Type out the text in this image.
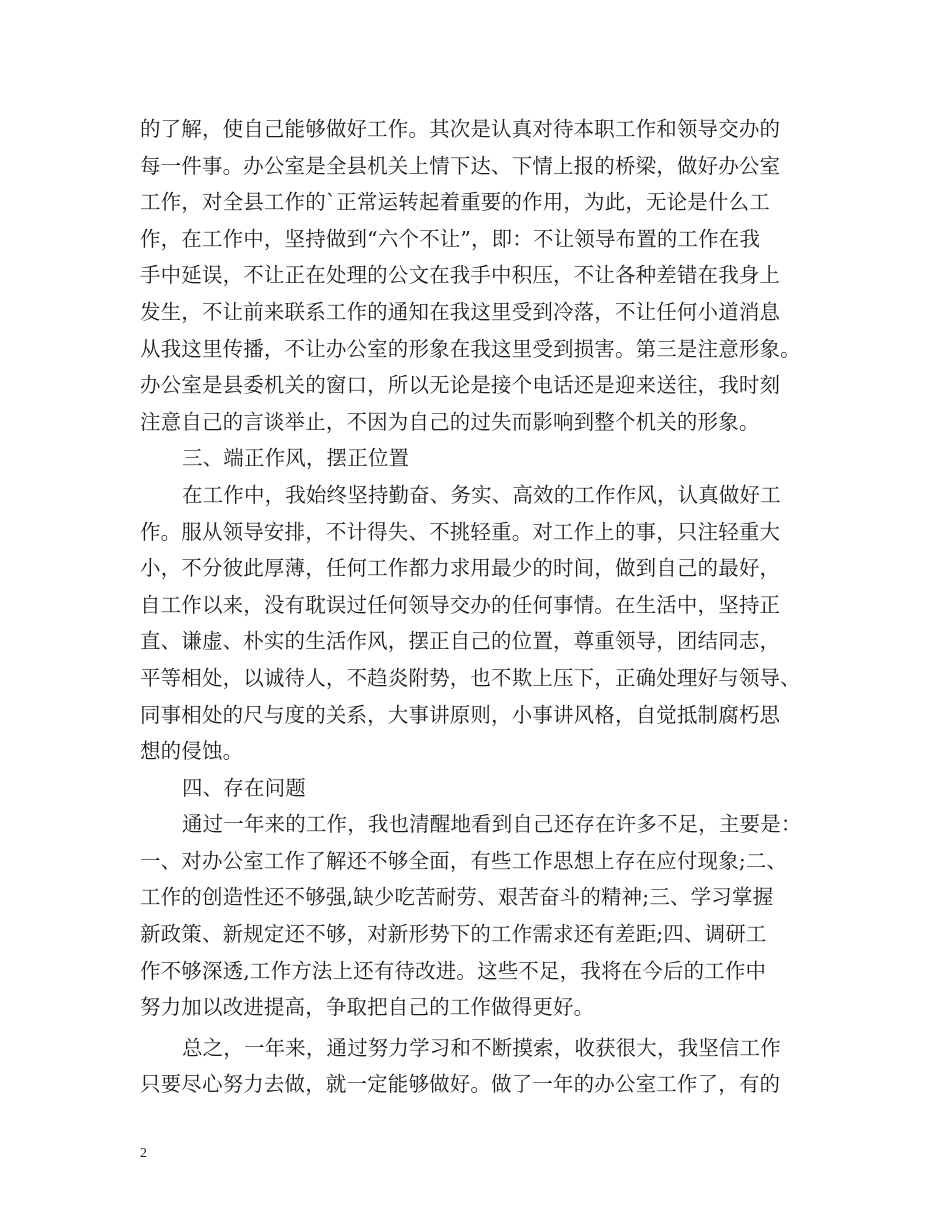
的了解，使自己能够做好工作。其次是认真对待本职工作和领导交办的
每一件事。办公室是全县机关上情下达、下情上报的桥梁，做好办公室
工作，对全县工作的`正常运转起着重要的作用，为此，无论是什么工
作，在工作中，坚持做到“六个不让”，即：不让领导布置的工作在我
手中延误，不让正在处理的公文在我手中积压，不让各种差错在我身上
发生，不让前来联系工作的通知在我这里受到冷落，不让任何小道消息
从我这里传播，不让办公室的形象在我这里受到损害。第三是注意形象。
办公室是县委机关的窗口，所以无论是接个电话还是迎来送往，我时刻
注意自己的言谈举止，不因为自己的过失而影响到整个机关的形象。
三、端正作风，摆正位置
在工作中，我始终坚持勤奋、务实、高效的工作作风，认真做好工
作。服从领导安排，不计得失、不挑轻重。对工作上的事，只注轻重大
小，不分彼此厚薄，任何工作都力求用最少的时间，做到自己的最好，
自工作以来，没有耽误过任何领导交办的任何事情。在生活中，坚持正
直、谦虚、朴实的生活作风，摆正自己的位置，尊重领导，团结同志，
平等相处，以诚待人，不趋炎附势，也不欺上压下，正确处理好与领导、
同事相处的尺与度的关系，大事讲原则，小事讲风格，自觉抵制腐朽思
想的侵蚀。
四、存在问题
通过一年来的工作，我也清醒地看到自己还存在许多不足，主要是：
一、对办公室工作了解还不够全面，有些工作思想上存在应付现象;二、
工作的创造性还不够强,缺少吃苦耐劳、艰苦奋斗的精神;三、学习掌握
新政策、新规定还不够，对新形势下的工作需求还有差距;四、调研工
作不够深透,工作方法上还有待改进。这些不足，我将在今后的工作中
努力加以改进提高，争取把自己的工作做得更好。
总之，一年来，通过努力学习和不断摸索，收获很大，我坚信工作
只要尽心努力去做，就一定能够做好。做了一年的办公室工作了，有的
2
